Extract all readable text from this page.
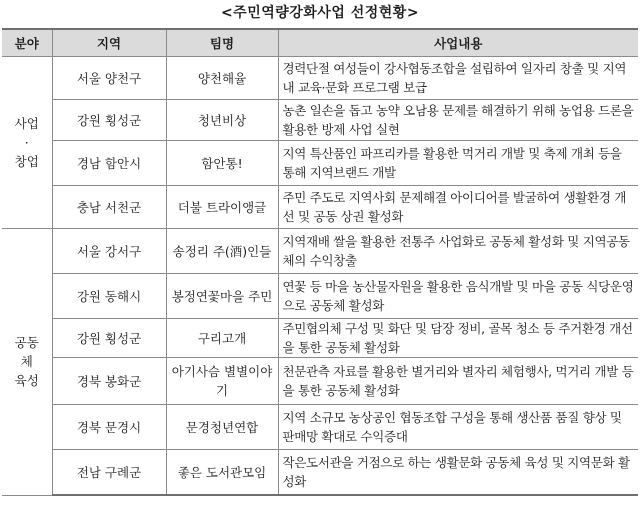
<주민역량강화사업 선정현황>
분야	지역	팀명	사업내용

사업
·
창업	서울 양천구	양천해율	경력단절 여성들이 강사협동조합을 설립하여 일자리 창출 및 지역내 교육·문화 프로그램 보급
	강원 횡성군	청년비상	농촌 일손을 돕고 농약 오남용 문제를 해결하기 위해 농업용 드론을 활용한 방제 사업 실현
	경남 함안시	함안통!	지역 특산품인 파프리카를 활용한 먹거리 개발 및 축제 개최 등을 통해 지역브랜드 개발
	충남 서천군	더불 트라이앵글	주민 주도로 지역사회 문제해결 아이디어를 발굴하여 생활환경 개선 및 공동 상권 활성화

공동
체
육성	서울 강서구	송정리 주(酒)인들	지역재배 쌀을 활용한 전통주 사업화로 공동체 활성화 및 지역공동체의 수익창출
	강원 동해시	봉정연꽃마을 주민	연꽃 등 마을 농산물자원을 활용한 음식개발 및 마을 공동 식당운영으로 공동체 활성화
	강원 횡성군	구리고개	주민협의체 구성 및 화단 및 담장 정비, 골목 청소 등 주거환경 개선을 통한 공동체 활성화
	경북 봉화군	아기사슴 별별이야기	천문관측 자료를 활용한 별거리와 별자리 체험행사, 먹거리 개발 등을 통한 공동체 활성화
	경북 문경시	문경청년연합	지역 소규모 농상공인 협동조합 구성을 통해 생산품 품질 향상 및 판매망 확대로 수익증대
	전남 구례군	좋은 도서관모임	작은도서관을 거점으로 하는 생활문화 공동체 육성 및 지역문화 활성화
